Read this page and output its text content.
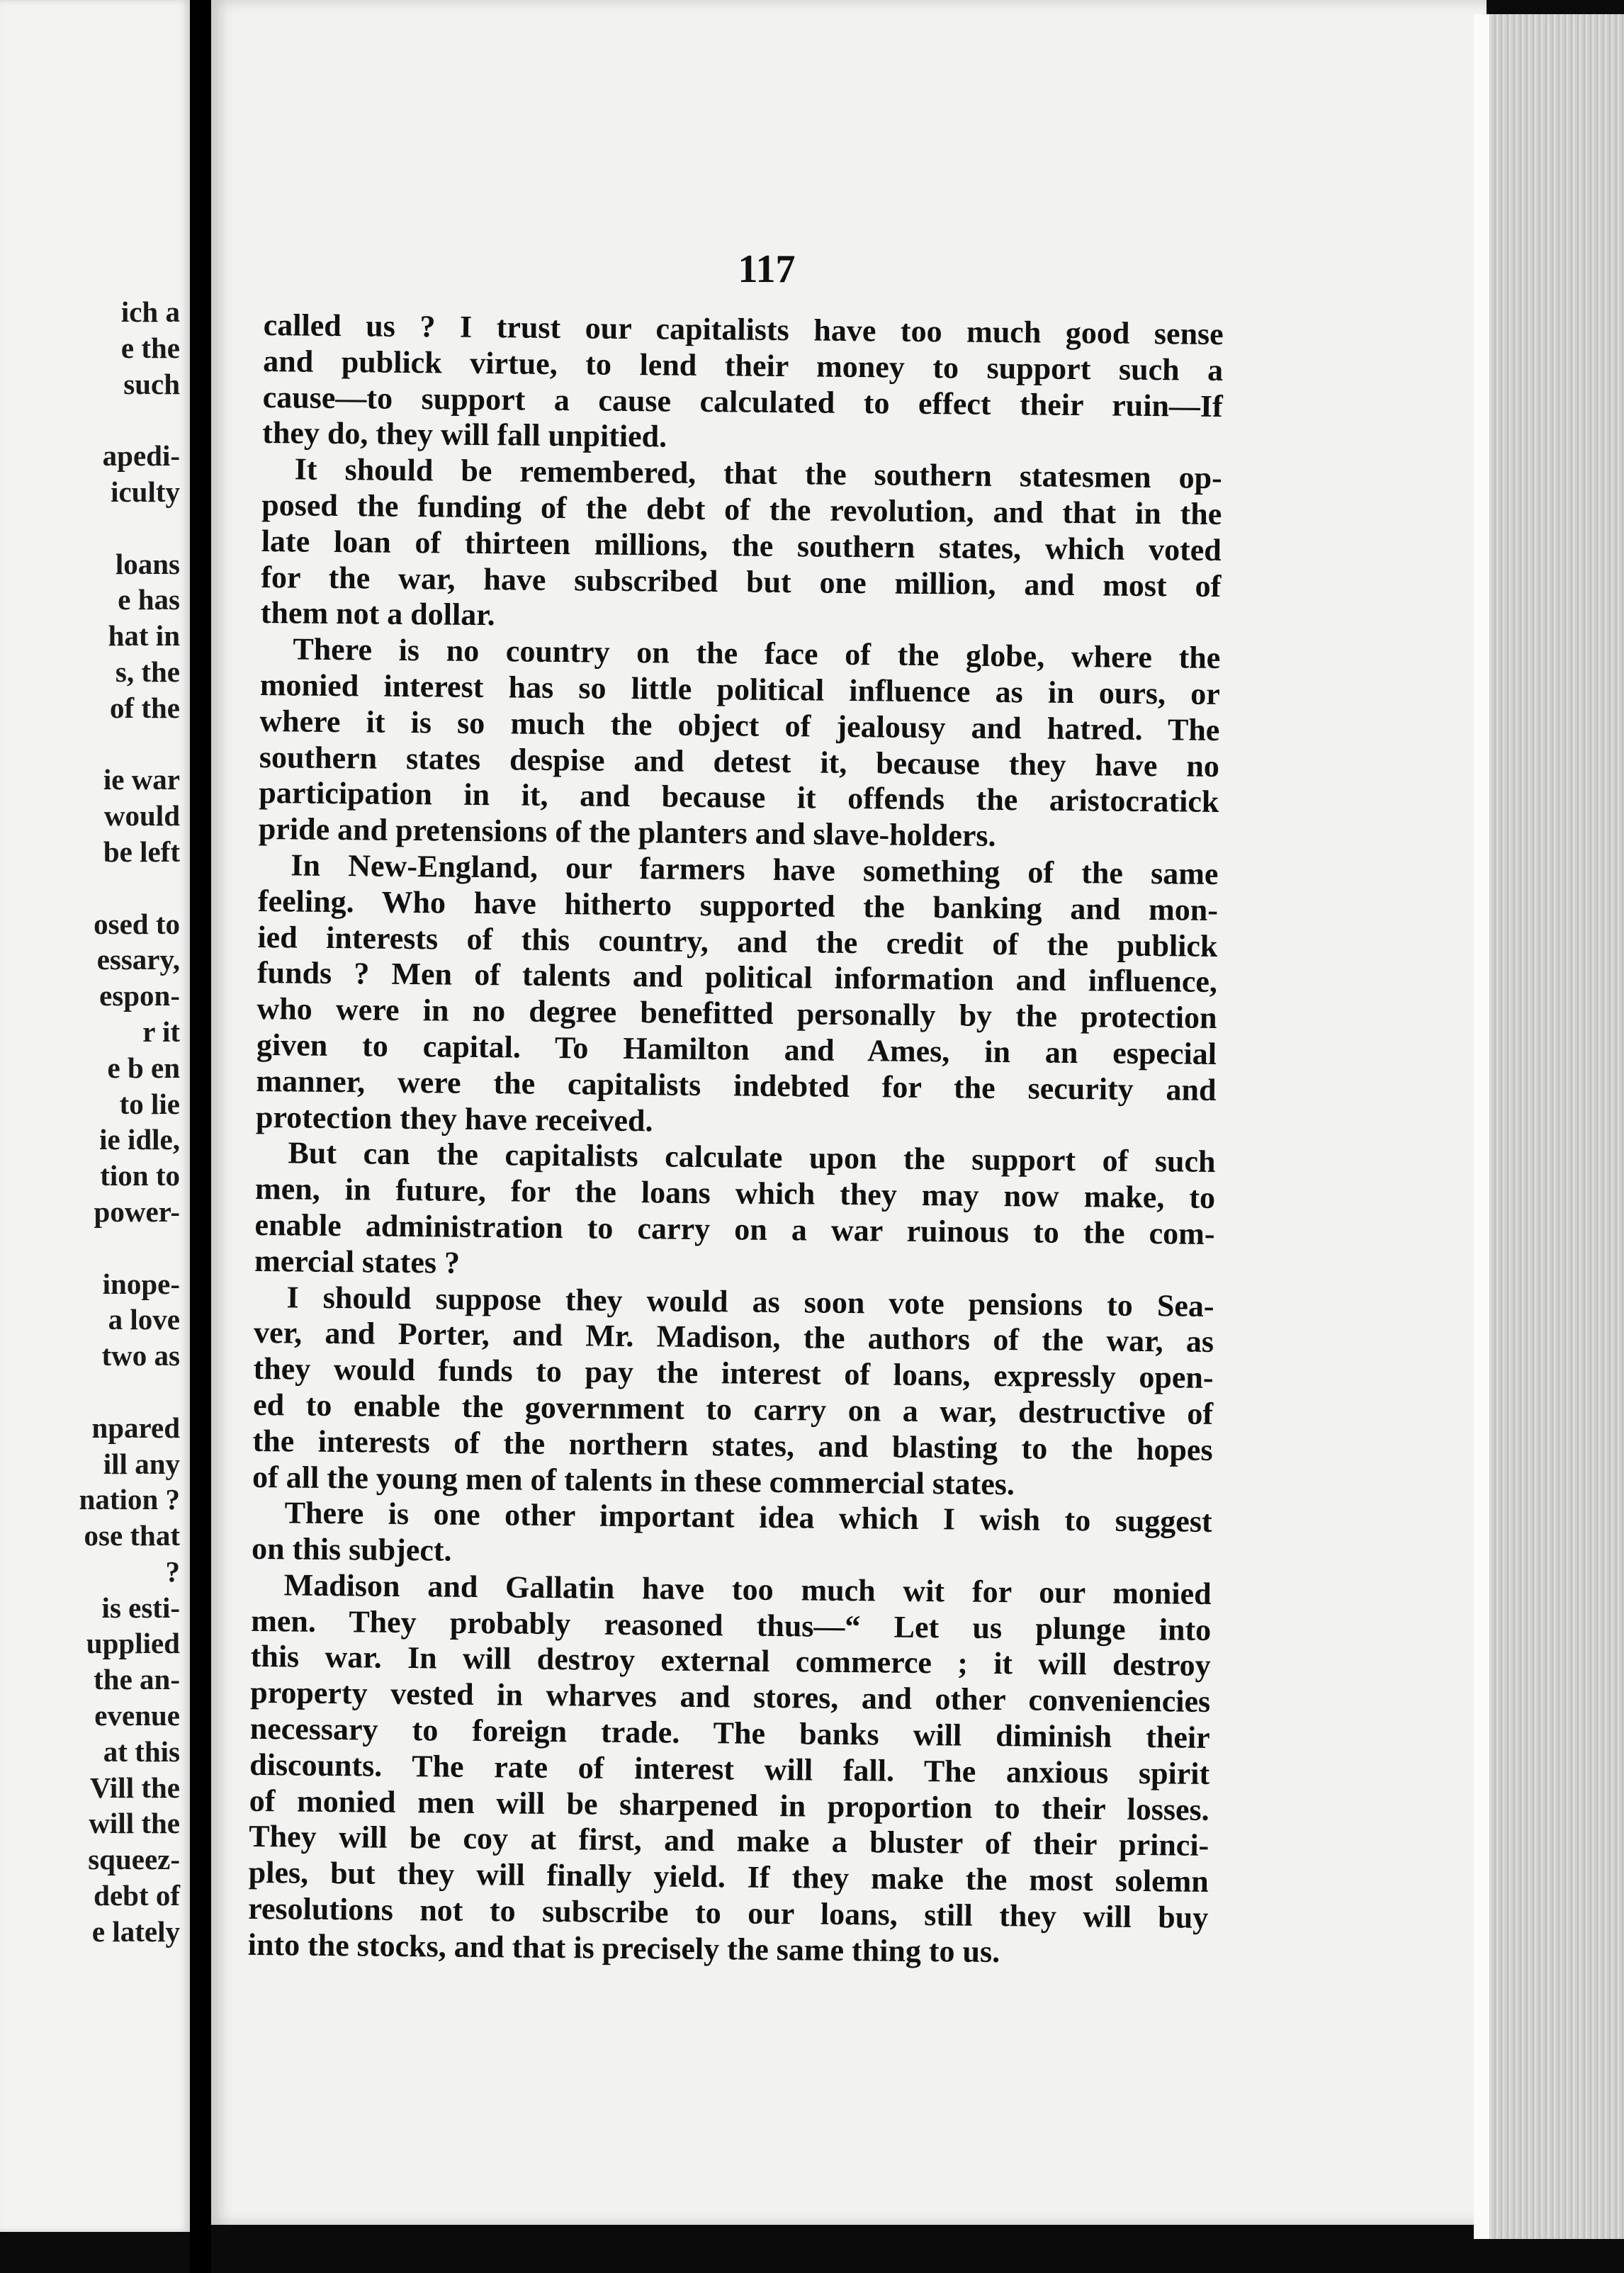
ich a
e the
such

apedi-
iculty

loans
e has
hat in
s, the
of the

ie war
would
be left

osed to
essary,
espon-
r it
e b en
to lie
ie idle,
tion to
power-

inope-
a love
two as

npared
ill any
nation ?
ose that
?
is esti-
upplied
the an-
evenue
at this
Vill the
will the
squeez-
debt of
e lately
117
called us ? I trust our capitalists have too much good sense
and publick virtue, to lend their money to support such a
cause—to support a cause calculated to effect their ruin—If
they do, they will fall unpitied.
It should be remembered, that the southern statesmen op-
posed the funding of the debt of the revolution, and that in the
late loan of thirteen millions, the southern states, which voted
for the war, have subscribed but one million, and most of
them not a dollar.
There is no country on the face of the globe, where the
monied interest has so little political influence as in ours, or
where it is so much the object of jealousy and hatred. The
southern states despise and detest it, because they have no
participation in it, and because it offends the aristocratick
pride and pretensions of the planters and slave-holders.
In New-England, our farmers have something of the same
feeling. Who have hitherto supported the banking and mon-
ied interests of this country, and the credit of the publick
funds ? Men of talents and political information and influence,
who were in no degree benefitted personally by the protection
given to capital. To Hamilton and Ames, in an especial
manner, were the capitalists indebted for the security and
protection they have received.
But can the capitalists calculate upon the support of such
men, in future, for the loans which they may now make, to
enable administration to carry on a war ruinous to the com-
mercial states ?
I should suppose they would as soon vote pensions to Sea-
ver, and Porter, and Mr. Madison, the authors of the war, as
they would funds to pay the interest of loans, expressly open-
ed to enable the government to carry on a war, destructive of
the interests of the northern states, and blasting to the hopes
of all the young men of talents in these commercial states.
There is one other important idea which I wish to suggest
on this subject.
Madison and Gallatin have too much wit for our monied
men. They probably reasoned thus—“ Let us plunge into
this war. In will destroy external commerce ; it will destroy
property vested in wharves and stores, and other conveniencies
necessary to foreign trade. The banks will diminish their
discounts. The rate of interest will fall. The anxious spirit
of monied men will be sharpened in proportion to their losses.
They will be coy at first, and make a bluster of their princi-
ples, but they will finally yield. If they make the most solemn
resolutions not to subscribe to our loans, still they will buy
into the stocks, and that is precisely the same thing to us.
